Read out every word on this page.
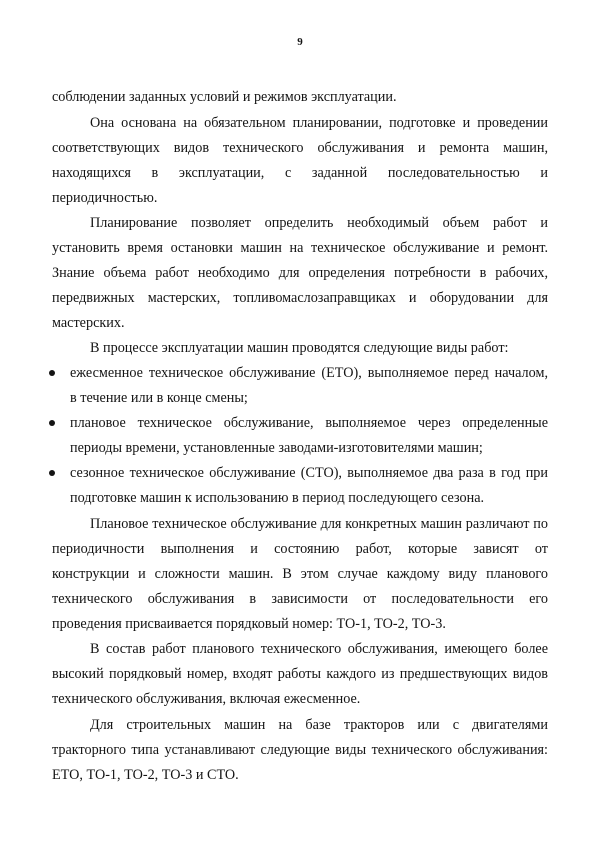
9
соблюдении заданных условий и режимов эксплуатации.
Она основана на обязательном планировании, подготовке и проведении
соответствующих видов технического обслуживания и ремонта машин,
находящихся в эксплуатации, с заданной последовательностью и
периодичностью.
Планирование позволяет определить необходимый объем работ и
установить время остановки машин на техническое обслуживание и ремонт.
Знание объема работ необходимо для определения потребности в рабочих,
передвижных мастерских, топливомаслозаправщиках и оборудовании для
мастерских.
В процессе эксплуатации машин проводятся следующие виды работ:
ежесменное техническое обслуживание (ЕТО), выполняемое перед началом,
в течение или в конце смены;
плановое техническое обслуживание, выполняемое через определенные
периоды времени, установленные заводами-изготовителями машин;
сезонное техническое обслуживание (СТО), выполняемое два раза в год при
подготовке машин к использованию в период последующего сезона.
Плановое техническое обслуживание для конкретных машин различают по
периодичности выполнения и состоянию работ, которые зависят от
конструкции и сложности машин. В этом случае каждому виду планового
технического обслуживания в зависимости от последовательности его
проведения присваивается порядковый номер: ТО-1, ТО-2, ТО-3.
В состав работ планового технического обслуживания, имеющего более
высокий порядковый номер, входят работы каждого из предшествующих видов
технического обслуживания, включая ежесменное.
Для строительных машин на базе тракторов или с двигателями
тракторного типа устанавливают следующие виды технического обслуживания:
ЕТО, ТО-1, ТО-2, ТО-3 и СТО.
